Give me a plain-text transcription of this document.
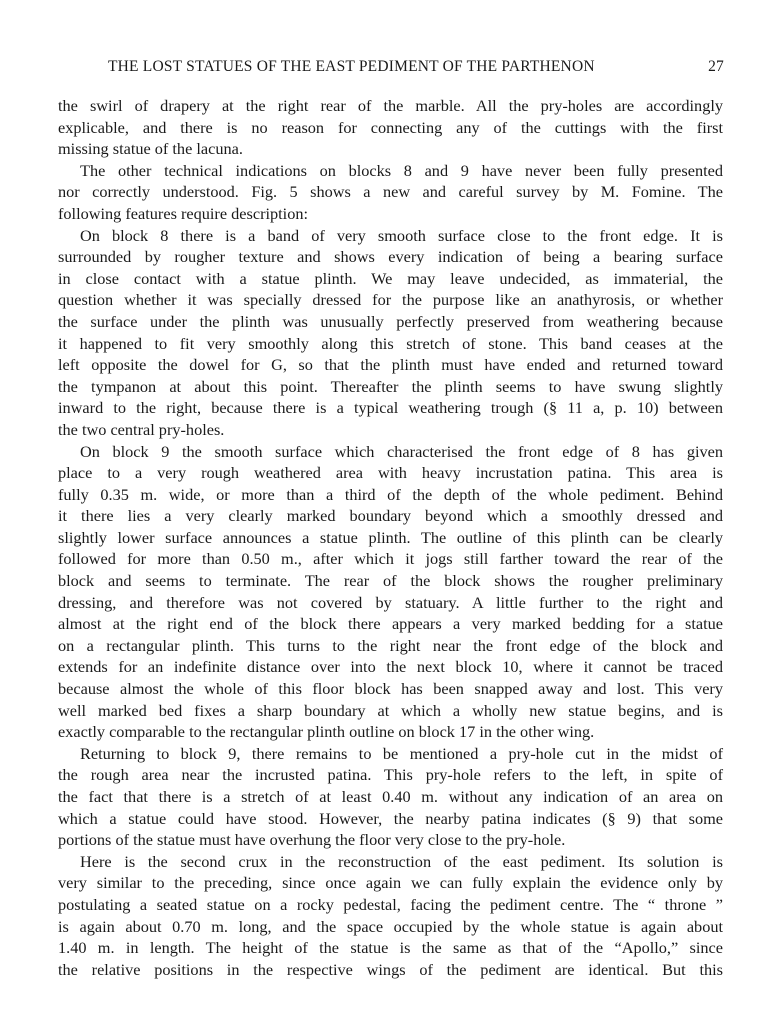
THE LOST STATUES OF THE EAST PEDIMENT OF THE PARTHENON	27
the swirl of drapery at the right rear of the marble. All the pry-holes are accordingly
explicable, and there is no reason for connecting any of the cuttings with the first
missing statue of the lacuna.
The other technical indications on blocks 8 and 9 have never been fully presented
nor correctly understood. Fig. 5 shows a new and careful survey by M. Fomine. The
following features require description:
On block 8 there is a band of very smooth surface close to the front edge. It is
surrounded by rougher texture and shows every indication of being a bearing surface
in close contact with a statue plinth. We may leave undecided, as immaterial, the
question whether it was specially dressed for the purpose like an anathyrosis, or whether
the surface under the plinth was unusually perfectly preserved from weathering because
it happened to fit very smoothly along this stretch of stone. This band ceases at the
left opposite the dowel for G, so that the plinth must have ended and returned toward
the tympanon at about this point. Thereafter the plinth seems to have swung slightly
inward to the right, because there is a typical weathering trough (§ 11 a, p. 10) between
the two central pry-holes.
On block 9 the smooth surface which characterised the front edge of 8 has given
place to a very rough weathered area with heavy incrustation patina. This area is
fully 0.35 m. wide, or more than a third of the depth of the whole pediment. Behind
it there lies a very clearly marked boundary beyond which a smoothly dressed and
slightly lower surface announces a statue plinth. The outline of this plinth can be clearly
followed for more than 0.50 m., after which it jogs still farther toward the rear of the
block and seems to terminate. The rear of the block shows the rougher preliminary
dressing, and therefore was not covered by statuary. A little further to the right and
almost at the right end of the block there appears a very marked bedding for a statue
on a rectangular plinth. This turns to the right near the front edge of the block and
extends for an indefinite distance over into the next block 10, where it cannot be traced
because almost the whole of this floor block has been snapped away and lost. This very
well marked bed fixes a sharp boundary at which a wholly new statue begins, and is
exactly comparable to the rectangular plinth outline on block 17 in the other wing.
Returning to block 9, there remains to be mentioned a pry-hole cut in the midst of
the rough area near the incrusted patina. This pry-hole refers to the left, in spite of
the fact that there is a stretch of at least 0.40 m. without any indication of an area on
which a statue could have stood. However, the nearby patina indicates (§ 9) that some
portions of the statue must have overhung the floor very close to the pry-hole.
Here is the second crux in the reconstruction of the east pediment. Its solution is
very similar to the preceding, since once again we can fully explain the evidence only by
postulating a seated statue on a rocky pedestal, facing the pediment centre. The “ throne ”
is again about 0.70 m. long, and the space occupied by the whole statue is again about
1.40 m. in length. The height of the statue is the same as that of the “Apollo,” since
the relative positions in the respective wings of the pediment are identical. But this
